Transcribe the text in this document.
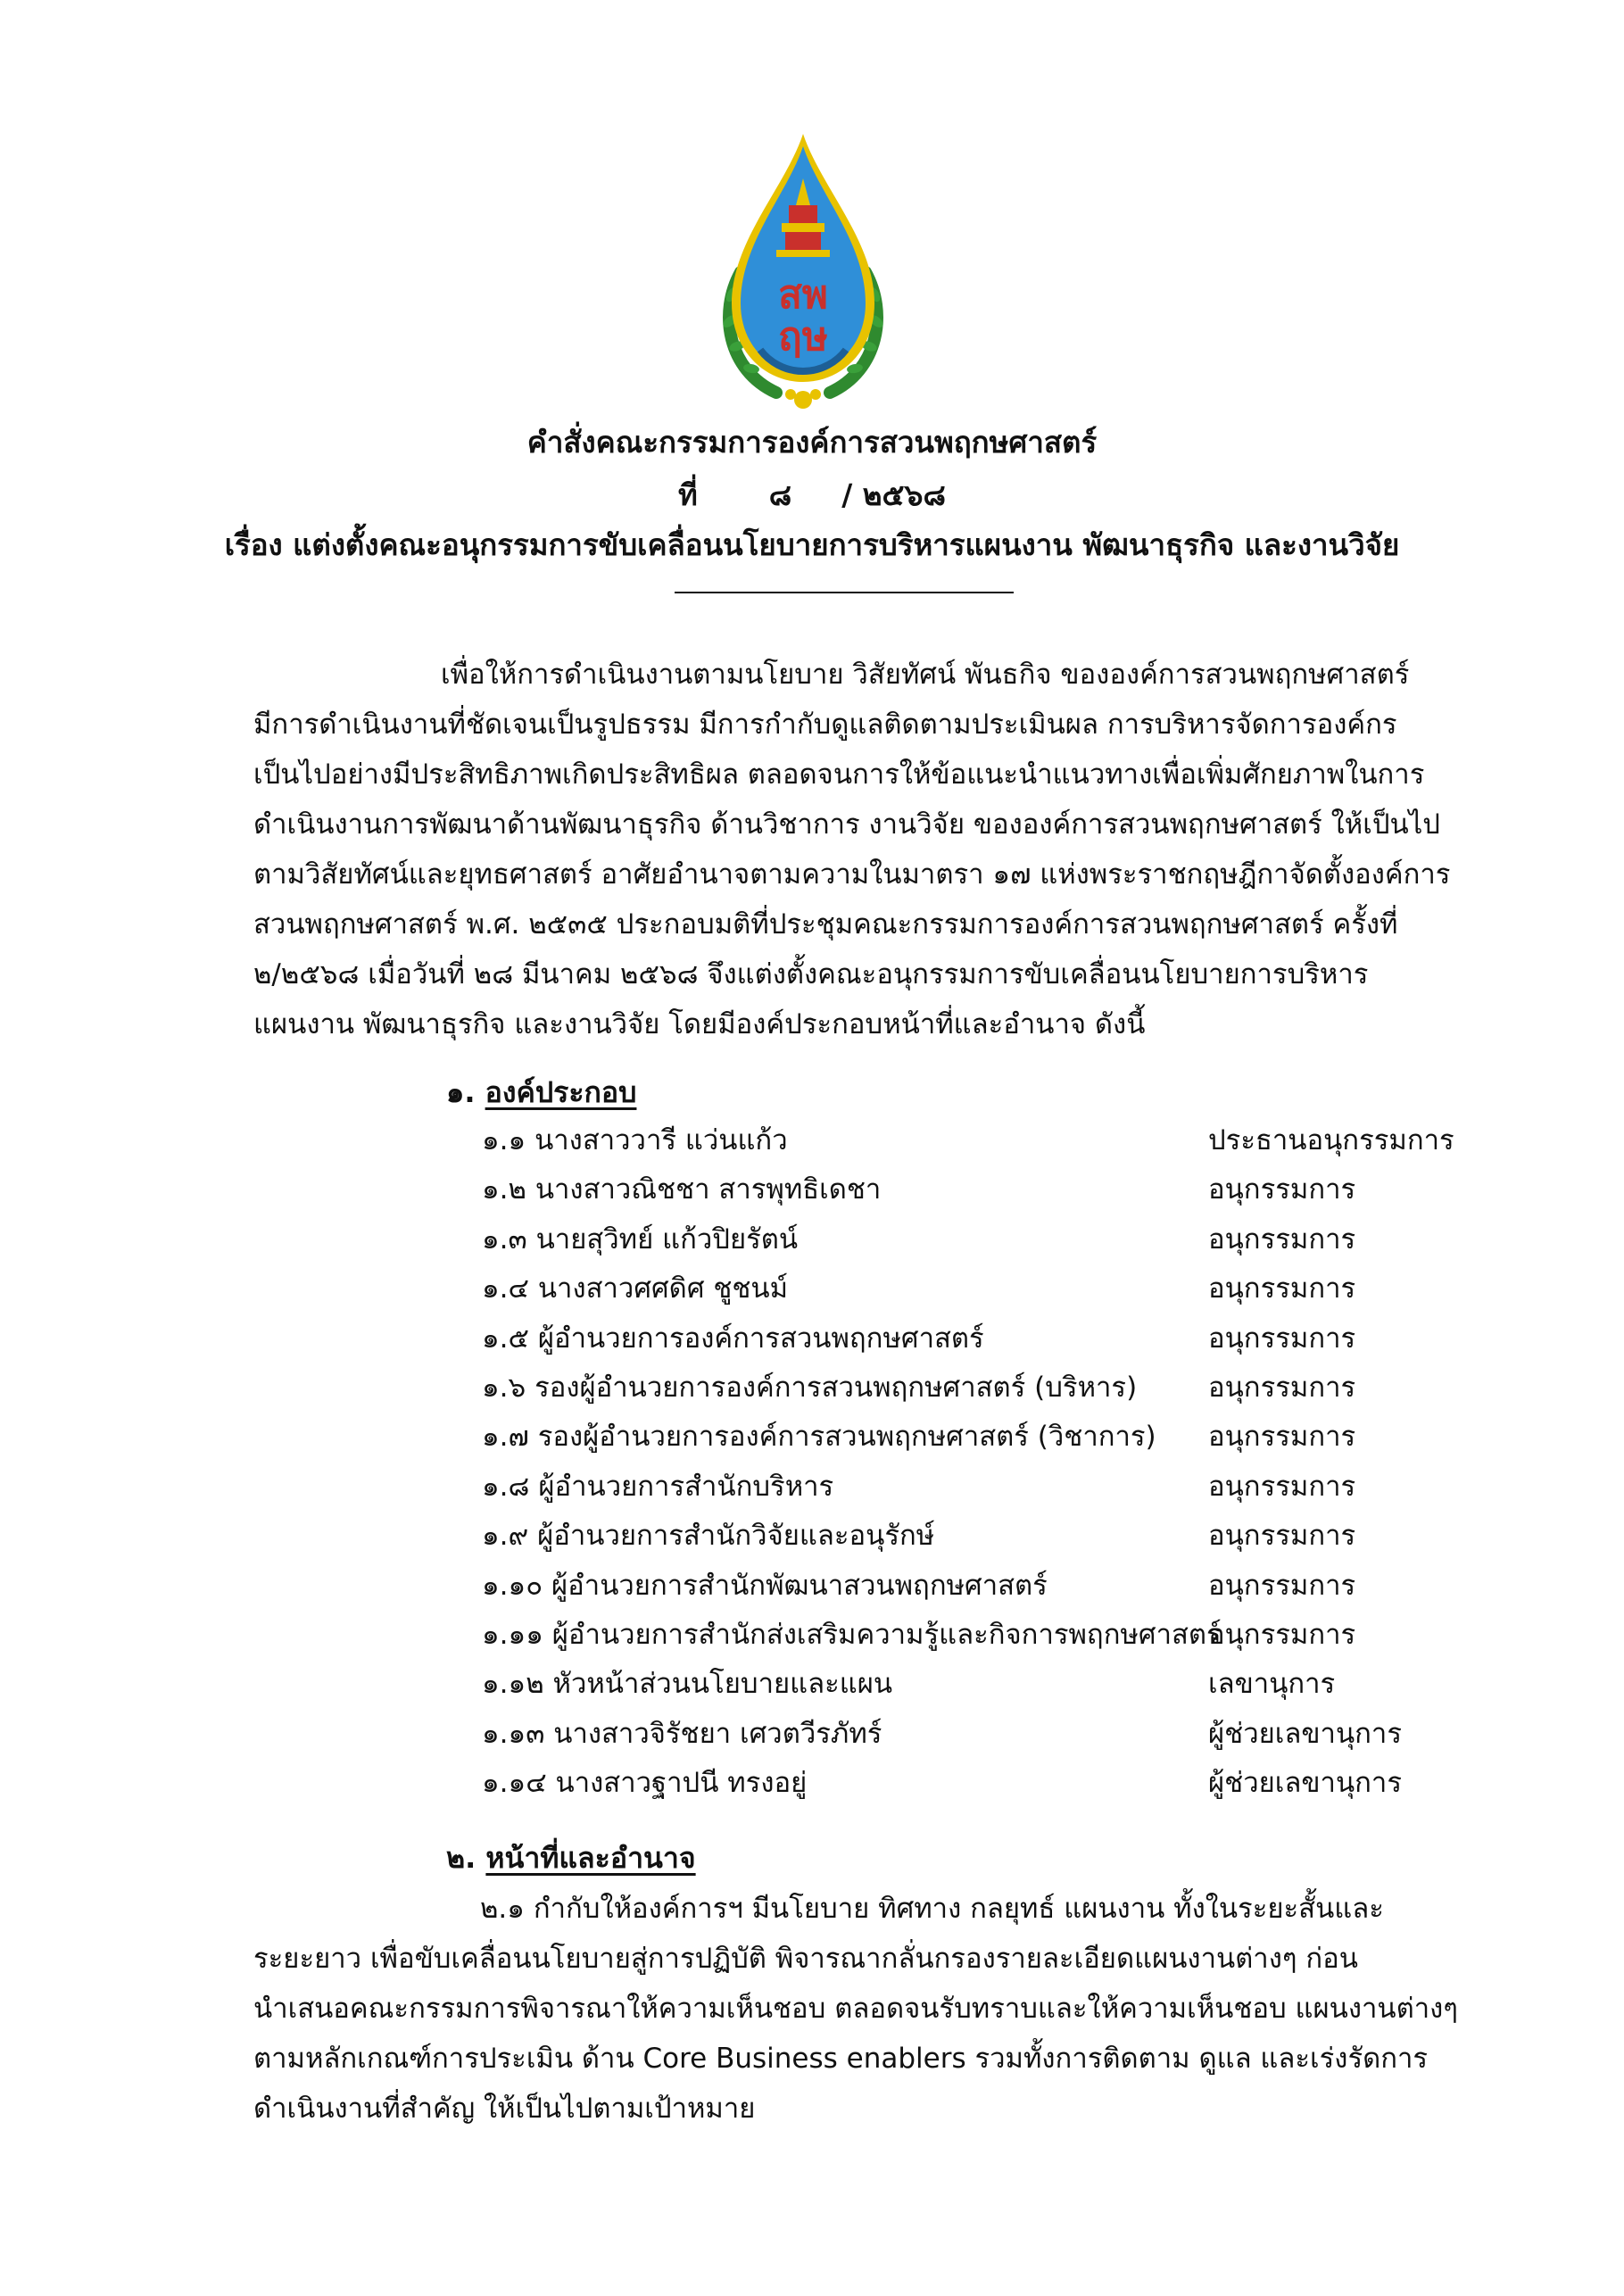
สพ
ฤษ
คำสั่งคณะกรรมการองค์การสวนพฤกษศาสตร์
ที่ ๘ / ๒๕๖๘
เรื่อง แต่งตั้งคณะอนุกรรมการขับเคลื่อนนโยบายการบริหารแผนงาน พัฒนาธุรกิจ และงานวิจัย
เพื่อให้การดำเนินงานตามนโยบาย วิสัยทัศน์ พันธกิจ ขององค์การสวนพฤกษศาสตร์
มีการดำเนินงานที่ชัดเจนเป็นรูปธรรม มีการกำกับดูแลติดตามประเมินผล การบริหารจัดการองค์กร
เป็นไปอย่างมีประสิทธิภาพเกิดประสิทธิผล ตลอดจนการให้ข้อแนะนำแนวทางเพื่อเพิ่มศักยภาพในการ
ดำเนินงานการพัฒนาด้านพัฒนาธุรกิจ ด้านวิชาการ งานวิจัย ขององค์การสวนพฤกษศาสตร์ ให้เป็นไป
ตามวิสัยทัศน์และยุทธศาสตร์ อาศัยอำนาจตามความในมาตรา ๑๗ แห่งพระราชกฤษฎีกาจัดตั้งองค์การ
สวนพฤกษศาสตร์ พ.ศ. ๒๕๓๕ ประกอบมติที่ประชุมคณะกรรมการองค์การสวนพฤกษศาสตร์ ครั้งที่
๒/๒๕๖๘ เมื่อวันที่ ๒๘ มีนาคม ๒๕๖๘ จึงแต่งตั้งคณะอนุกรรมการขับเคลื่อนนโยบายการบริหาร
แผนงาน พัฒนาธุรกิจ และงานวิจัย โดยมีองค์ประกอบหน้าที่และอำนาจ ดังนี้
๑. องค์ประกอบ
๑.๑ นางสาววารี แว่นแก้ว	ประธานอนุกรรมการ
๑.๒ นางสาวณิชชา สารพุทธิเดชา	อนุกรรมการ
๑.๓ นายสุวิทย์ แก้วปิยรัตน์	อนุกรรมการ
๑.๔ นางสาวศศดิศ ชูชนม์	อนุกรรมการ
๑.๕ ผู้อำนวยการองค์การสวนพฤกษศาสตร์	อนุกรรมการ
๑.๖ รองผู้อำนวยการองค์การสวนพฤกษศาสตร์ (บริหาร)	อนุกรรมการ
๑.๗ รองผู้อำนวยการองค์การสวนพฤกษศาสตร์ (วิชาการ) อนุกรรมการ
๑.๘ ผู้อำนวยการสำนักบริหาร	อนุกรรมการ
๑.๙ ผู้อำนวยการสำนักวิจัยและอนุรักษ์	อนุกรรมการ
๑.๑๐ ผู้อำนวยการสำนักพัฒนาสวนพฤกษศาสตร์	อนุกรรมการ
๑.๑๑ ผู้อำนวยการสำนักส่งเสริมความรู้และกิจการพฤกษศาสตร์
อนุกรรมการ
๑.๑๒ หัวหน้าส่วนนโยบายและแผน	เลขานุการ
๑.๑๓ นางสาวจิรัชยา เศวตวีรภัทร์	ผู้ช่วยเลขานุการ
๑.๑๔ นางสาวฐาปนี ทรงอยู่	ผู้ช่วยเลขานุการ
๒. หน้าที่และอำนาจ
๒.๑ กำกับให้องค์การฯ มีนโยบาย ทิศทาง กลยุทธ์ แผนงาน ทั้งในระยะสั้นและ
ระยะยาว เพื่อขับเคลื่อนนโยบายสู่การปฏิบัติ พิจารณากลั่นกรองรายละเอียดแผนงานต่างๆ ก่อน
นำเสนอคณะกรรมการพิจารณาให้ความเห็นชอบ ตลอดจนรับทราบและให้ความเห็นชอบ แผนงานต่างๆ
ตามหลักเกณฑ์การประเมิน ด้าน Core Business enablers รวมทั้งการติดตาม ดูแล และเร่งรัดการ
ดำเนินงานที่สำคัญ ให้เป็นไปตามเป้าหมาย
